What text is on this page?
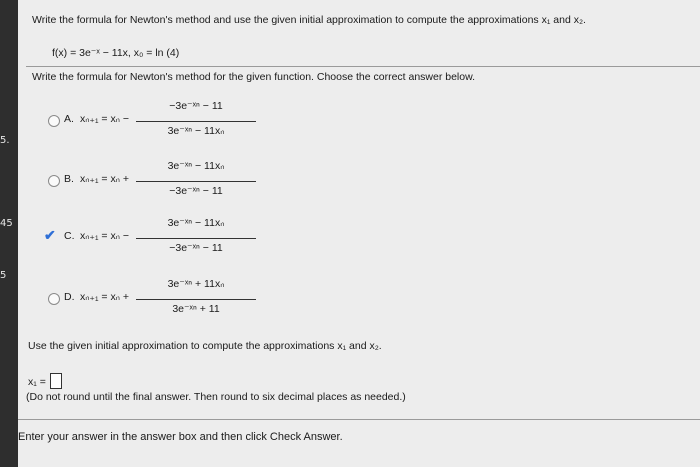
5.
45
5
Write the formula for Newton's method and use the given initial approximation to compute the approximations x₁ and x₂.
f(x) = 3e⁻ˣ − 11x, x₀ = ln (4)
Write the formula for Newton's method for the given function. Choose the correct answer below.
A. xₙ₊₁ = xₙ −
−3e⁻ˣⁿ − 11
3e⁻ˣⁿ − 11xₙ
B. xₙ₊₁ = xₙ +
3e⁻ˣⁿ − 11xₙ
−3e⁻ˣⁿ − 11
✔ C. xₙ₊₁ = xₙ −
3e⁻ˣⁿ − 11xₙ
−3e⁻ˣⁿ − 11
D. xₙ₊₁ = xₙ +
3e⁻ˣⁿ + 11xₙ
3e⁻ˣⁿ + 11
Use the given initial approximation to compute the approximations x₁ and x₂.
x₁ =
(Do not round until the final answer. Then round to six decimal places as needed.)
Enter your answer in the answer box and then click Check Answer.
